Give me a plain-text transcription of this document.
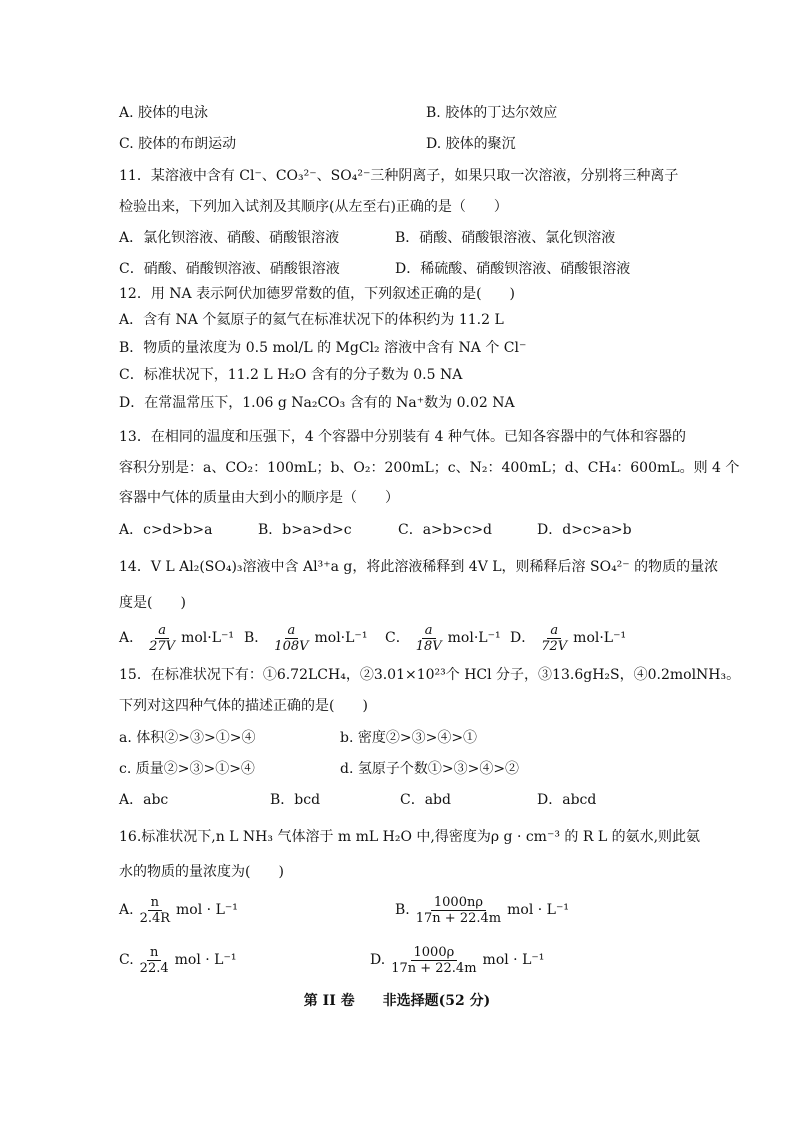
A. 胶体的电泳	B. 胶体的丁达尔效应
C. 胶体的布朗运动	D. 胶体的聚沉
11．某溶液中含有 Cl⁻、CO₃²⁻、SO₄²⁻三种阴离子，如果只取一次溶液，分别将三种离子
检验出来，下列加入试剂及其顺序(从左至右)正确的是（　　）
A．氯化钡溶液、硝酸、硝酸银溶液	B．硝酸、硝酸银溶液、氯化钡溶液
C．硝酸、硝酸钡溶液、硝酸银溶液	D．稀硫酸、硝酸钡溶液、硝酸银溶液
12．用 NA 表示阿伏加德罗常数的值，下列叙述正确的是(　　)
A．含有 NA 个氦原子的氦气在标准状况下的体积约为 11.2 L
B．物质的量浓度为 0.5 mol/L 的 MgCl₂ 溶液中含有 NA 个 Cl⁻
C．标准状况下，11.2 L H₂O 含有的分子数为 0.5 NA
D．在常温常压下，1.06 g Na₂CO₃ 含有的 Na⁺数为 0.02 NA
13．在相同的温度和压强下，4 个容器中分别装有 4 种气体。已知各容器中的气体和容器的
容积分别是：a、CO₂：100mL；b、O₂：200mL；c、N₂：400mL；d、CH₄：600mL。则 4 个
容器中气体的质量由大到小的顺序是（　　）
A．c>d>b>a	B．b>a>d>c	C．a>b>c>d	D．d>c>a>b
14．V L Al₂(SO₄)₃溶液中含 Al³⁺a g，将此溶液稀释到 4V L，则稀释后溶 SO₄²⁻ 的物质的量浓
度是(　　)
A． $\frac{a}{27V} mol\cdot L^{-1}$ B． $\frac{a}{108V} mol\cdot L^{-1}$ C． $\frac{a}{18V} mol\cdot L^{-1}$ D． $\frac{a}{72V} mol\cdot L^{-1}$
15．在标准状况下有：①6.72LCH₄，②3.01×10²³个 HCl 分子，③13.6gH₂S，④0.2molNH₃。
下列对这四种气体的描述正确的是(　　)
a. 体积②>③>①>④	b. 密度②>③>④>①
c. 质量②>③>①>④	d. 氢原子个数①>③>④>②
A．abc	B．bcd	C．abd	D．abcd
16.标准状况下,n L NH₃ 气体溶于 m mL H₂O 中,得密度为ρ g · cm⁻³ 的 R L 的氨水,则此氨
水的物质的量浓度为(　　)
A. $\frac{n}{2.4R}$ mol · L⁻¹	B. $\frac{1000n\rho}{17n + 22.4m}$ mol · L⁻¹
C. $\frac{n}{22.4}$ mol · L⁻¹	D. $\frac{1000\rho}{17n + 22.4m}$ mol · L⁻¹
第 II 卷　　非选择题(52 分)
